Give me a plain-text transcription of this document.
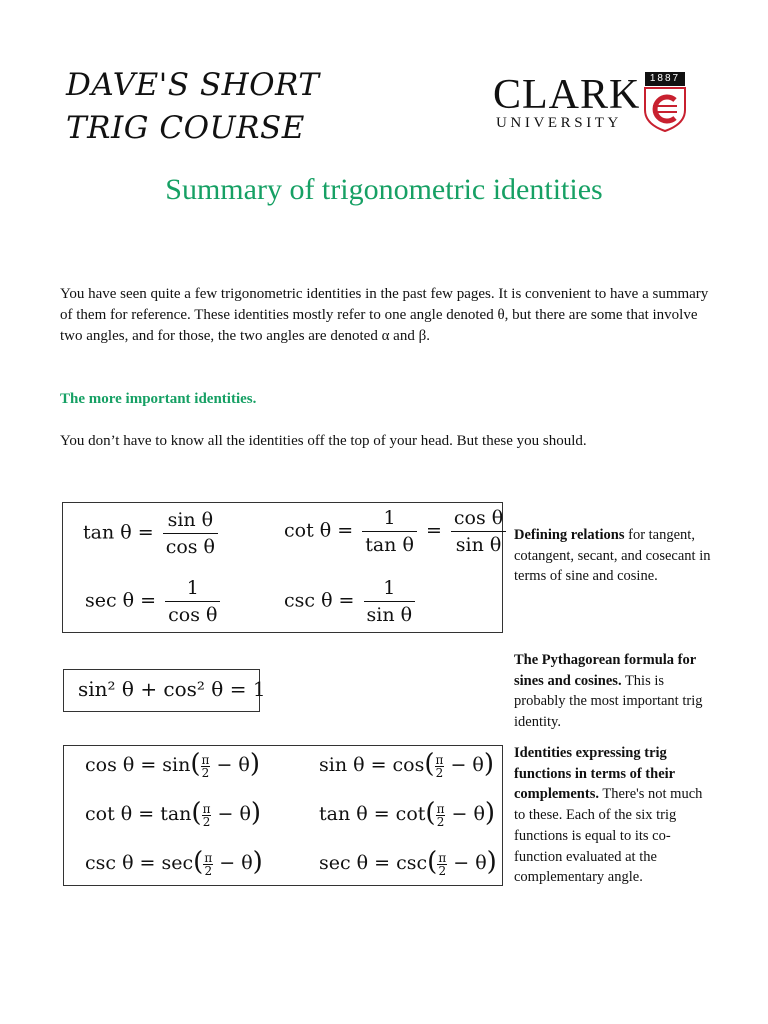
DAVE'S SHORT
TRIG COURSE
CLARK
UNIVERSITY
1887
Summary of trigonometric identities
You have seen quite a few trigonometric identities in the past few pages. It is convenient to have a summary of them for reference. These identities mostly refer to one angle denoted θ, but there are some that involve two angles, and for those, the two angles are denoted α and β.
The more important identities.
You don’t have to know all the identities off the top of your head. But these you should.
$\tan \theta = \frac{\text{sin θ}}{\text{cos θ}}$	$\cot \theta = \frac{1}{\text{tan θ}} = \frac{\text{cos θ}}{\text{sin θ}}$
$\sec \theta = \frac{1}{\text{cos θ}}$	$\csc \theta = \frac{1}{\text{sin θ}}$
Defining relations for tangent, cotangent, secant, and cosecant in terms of sine and cosine.
sin² θ + cos² θ = 1
The Pythagorean formula for sines and cosines. This is probably the most important trig identity.
$\cos \theta = \sin( \frac{\pi}{2} - \theta)$	$\sin \theta = \cos( \frac{\pi}{2} - \theta)$
$\cot \theta = \tan( \frac{\pi}{2} - \theta)$	$\tan \theta = \cot( \frac{\pi}{2} - \theta)$
$\csc \theta = \sec( \frac{\pi}{2} - \theta)$	$\sec \theta = \csc( \frac{\pi}{2} - \theta)$
Identities expressing trig functions in terms of their complements. There's not much to these. Each of the six trig functions is equal to its co-function evaluated at the complementary angle.
